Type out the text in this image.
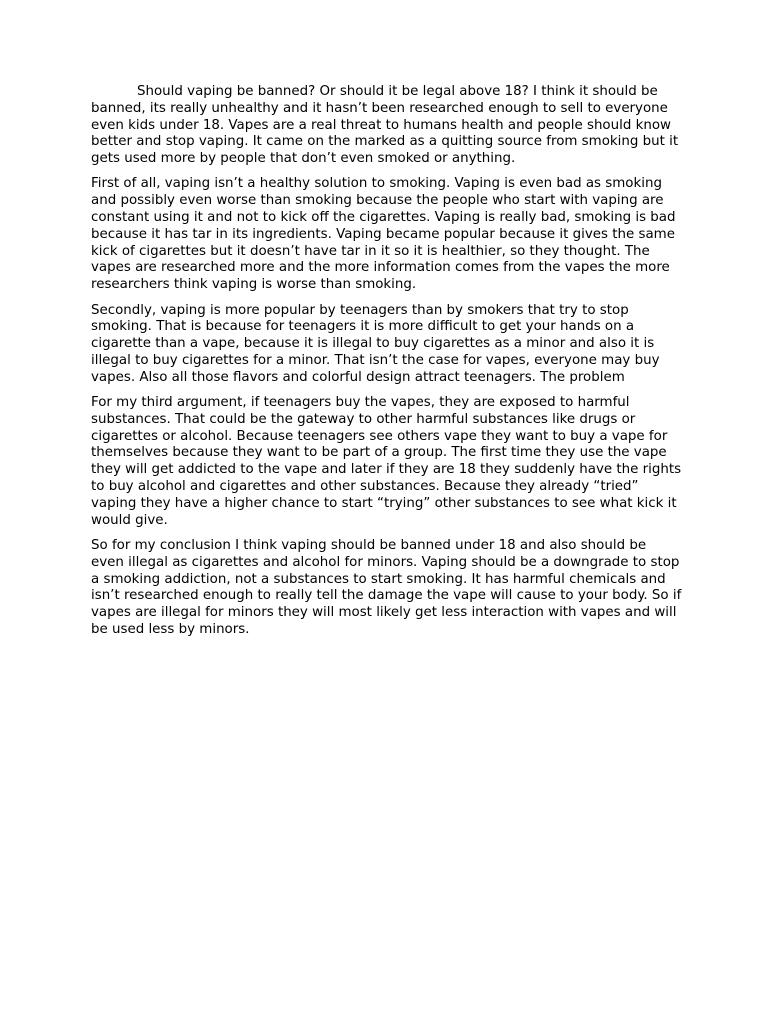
Should vaping be banned? Or should it be legal above 18? I think it should be banned, its really unhealthy and it hasn’t been researched enough to sell to everyone even kids under 18. Vapes are a real threat to humans health and people should know better and stop vaping. It came on the marked as a quitting source from smoking but it gets used more by people that don’t even smoked or anything.

First of all, vaping isn’t a healthy solution to smoking. Vaping is even bad as smoking and possibly even worse than smoking because the people who start with vaping are constant using it and not to kick off the cigarettes. Vaping is really bad, smoking is bad because it has tar in its ingredients. Vaping became popular because it gives the same kick of cigarettes but it doesn’t have tar in it so it is healthier, so they thought. The vapes are researched more and the more information comes from the vapes the more researchers think vaping is worse than smoking.

Secondly, vaping is more popular by teenagers than by smokers that try to stop smoking. That is because for teenagers it is more difficult to get your hands on a cigarette than a vape, because it is illegal to buy cigarettes as a minor and also it is illegal to buy cigarettes for a minor. That isn’t the case for vapes, everyone may buy vapes. Also all those flavors and colorful design attract teenagers. The problem

For my third argument, if teenagers buy the vapes, they are exposed to harmful substances. That could be the gateway to other harmful substances like drugs or cigarettes or alcohol. Because teenagers see others vape they want to buy a vape for themselves because they want to be part of a group. The first time they use the vape they will get addicted to the vape and later if they are 18 they suddenly have the rights to buy alcohol and cigarettes and other substances. Because they already “tried” vaping they have a higher chance to start “trying” other substances to see what kick it would give.

So for my conclusion I think vaping should be banned under 18 and also should be even illegal as cigarettes and alcohol for minors. Vaping should be a downgrade to stop a smoking addiction, not a substances to start smoking. It has harmful chemicals and isn’t researched enough to really tell the damage the vape will cause to your body. So if vapes are illegal for minors they will most likely get less interaction with vapes and will be used less by minors.
